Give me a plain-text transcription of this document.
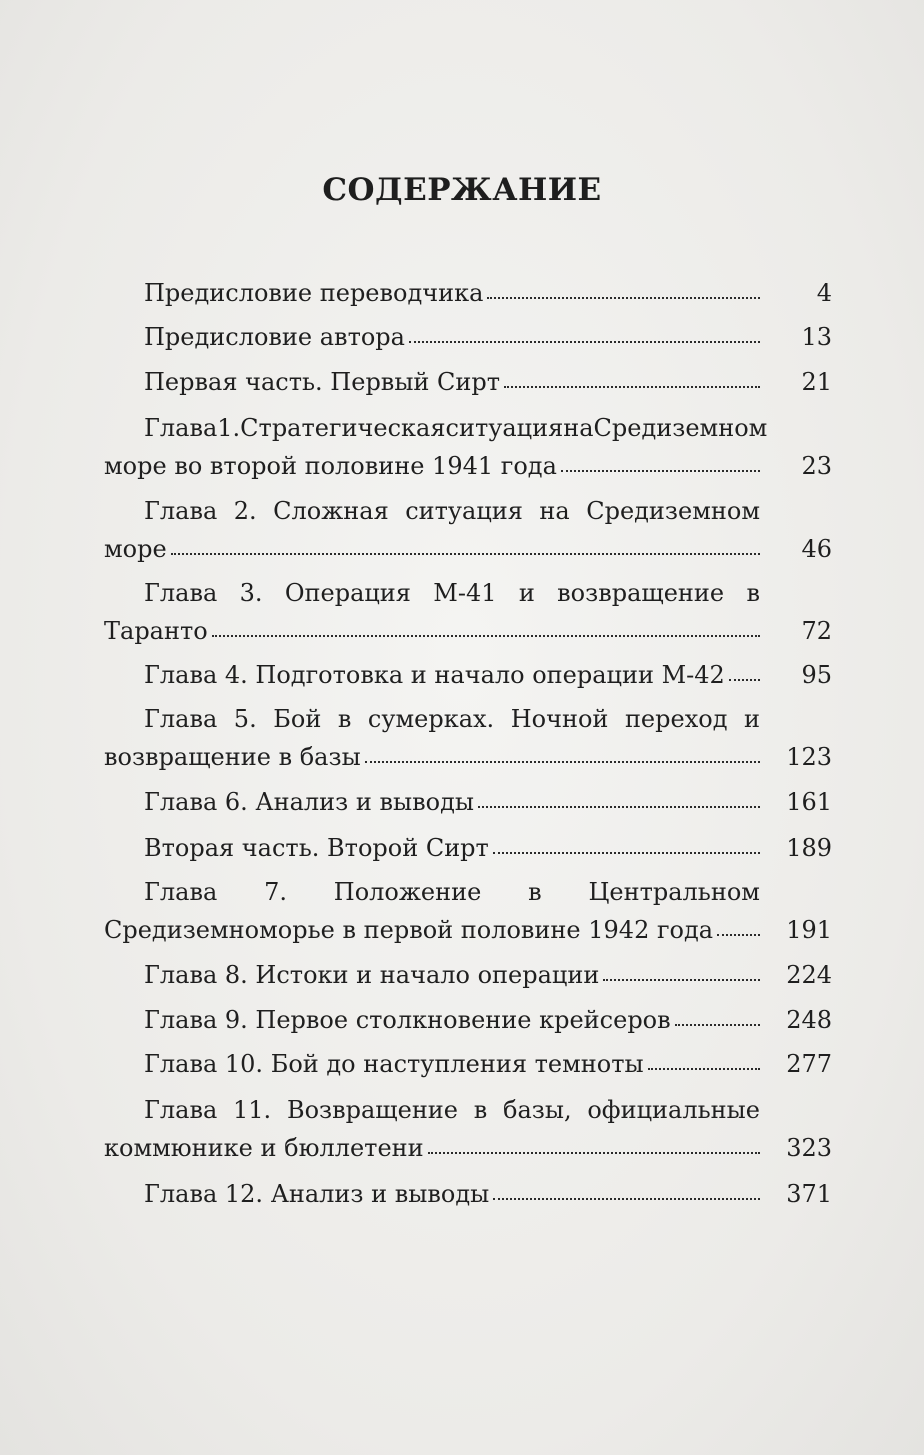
СОДЕРЖАНИЕ
Предисловие переводчика	4
Предисловие автора	13
Первая часть. Первый Сирт	21
Глава 1. Стратегическая ситуация на Средиземном
море во второй половине 1941 года	23
Глава 2. Сложная ситуация на Средиземном
море	46
Глава 3. Операция М-41 и возвращение в
Таранто	72
Глава 4. Подготовка и начало операции М-42	95
Глава 5. Бой в сумерках. Ночной переход и
возвращение в базы	123
Глава 6. Анализ и выводы	161
Вторая часть. Второй Сирт	189
Глава 7. Положение в Центральном
Средиземноморье в первой половине 1942 года	191
Глава 8. Истоки и начало операции	224
Глава 9. Первое столкновение крейсеров	248
Глава 10. Бой до наступления темноты	277
Глава 11. Возвращение в базы, официальные
коммюнике и бюллетени	323
Глава 12. Анализ и выводы	371
